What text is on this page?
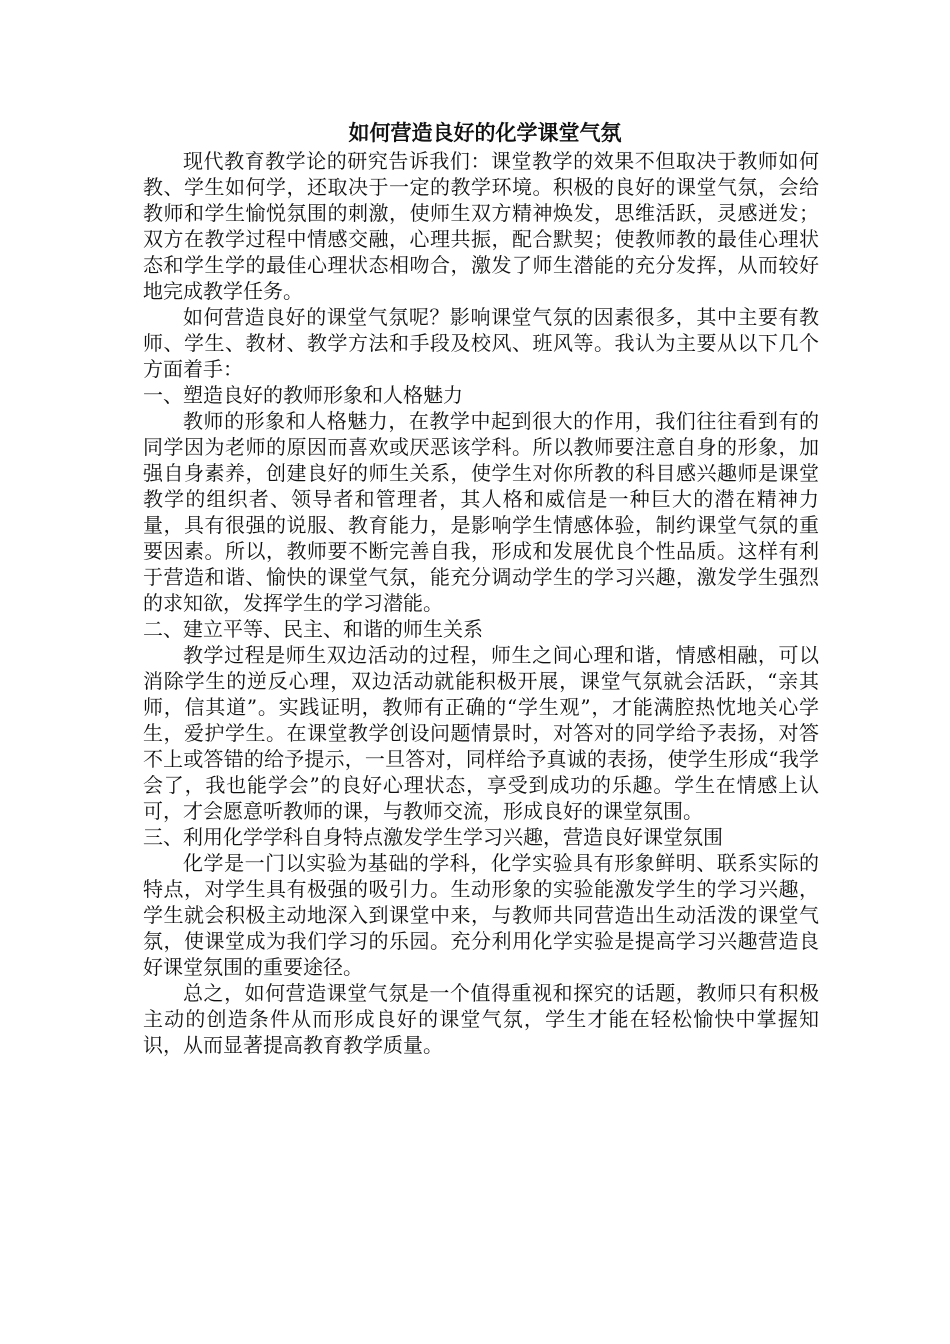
如何营造良好的化学课堂气氛

现代教育教学论的研究告诉我们：课堂教学的效果不但取决于教师如何教、学生如何学，还取决于一定的教学环境。积极的良好的课堂气氛，会给教师和学生愉悦氛围的刺激，使师生双方精神焕发，思维活跃，灵感迸发；双方在教学过程中情感交融，心理共振，配合默契；使教师教的最佳心理状态和学生学的最佳心理状态相吻合，激发了师生潜能的充分发挥，从而较好地完成教学任务。

如何营造良好的课堂气氛呢？影响课堂气氛的因素很多，其中主要有教师、学生、教材、教学方法和手段及校风、班风等。我认为主要从以下几个方面着手：

一、塑造良好的教师形象和人格魅力

教师的形象和人格魅力，在教学中起到很大的作用，我们往往看到有的同学因为老师的原因而喜欢或厌恶该学科。所以教师要注意自身的形象，加强自身素养，创建良好的师生关系，使学生对你所教的科目感兴趣师是课堂教学的组织者、领导者和管理者，其人格和威信是一种巨大的潜在精神力量，具有很强的说服、教育能力，是影响学生情感体验，制约课堂气氛的重要因素。所以，教师要不断完善自我，形成和发展优良个性品质。这样有利于营造和谐、愉快的课堂气氛，能充分调动学生的学习兴趣，激发学生强烈的求知欲，发挥学生的学习潜能。

二、建立平等、民主、和谐的师生关系

教学过程是师生双边活动的过程，师生之间心理和谐，情感相融，可以消除学生的逆反心理，双边活动就能积极开展，课堂气氛就会活跃，“亲其师，信其道”。实践证明，教师有正确的“学生观”，才能满腔热忱地关心学生，爱护学生。在课堂教学创设问题情景时，对答对的同学给予表扬，对答不上或答错的给予提示，一旦答对，同样给予真诚的表扬，使学生形成“我学会了，我也能学会”的良好心理状态，享受到成功的乐趣。学生在情感上认可，才会愿意听教师的课，与教师交流，形成良好的课堂氛围。

三、利用化学学科自身特点激发学生学习兴趣，营造良好课堂氛围

化学是一门以实验为基础的学科，化学实验具有形象鲜明、联系实际的特点，对学生具有极强的吸引力。生动形象的实验能激发学生的学习兴趣，学生就会积极主动地深入到课堂中来，与教师共同营造出生动活泼的课堂气氛，使课堂成为我们学习的乐园。充分利用化学实验是提高学习兴趣营造良好课堂氛围的重要途径。

总之，如何营造课堂气氛是一个值得重视和探究的话题，教师只有积极主动的创造条件从而形成良好的课堂气氛，学生才能在轻松愉快中掌握知识，从而显著提高教育教学质量。
